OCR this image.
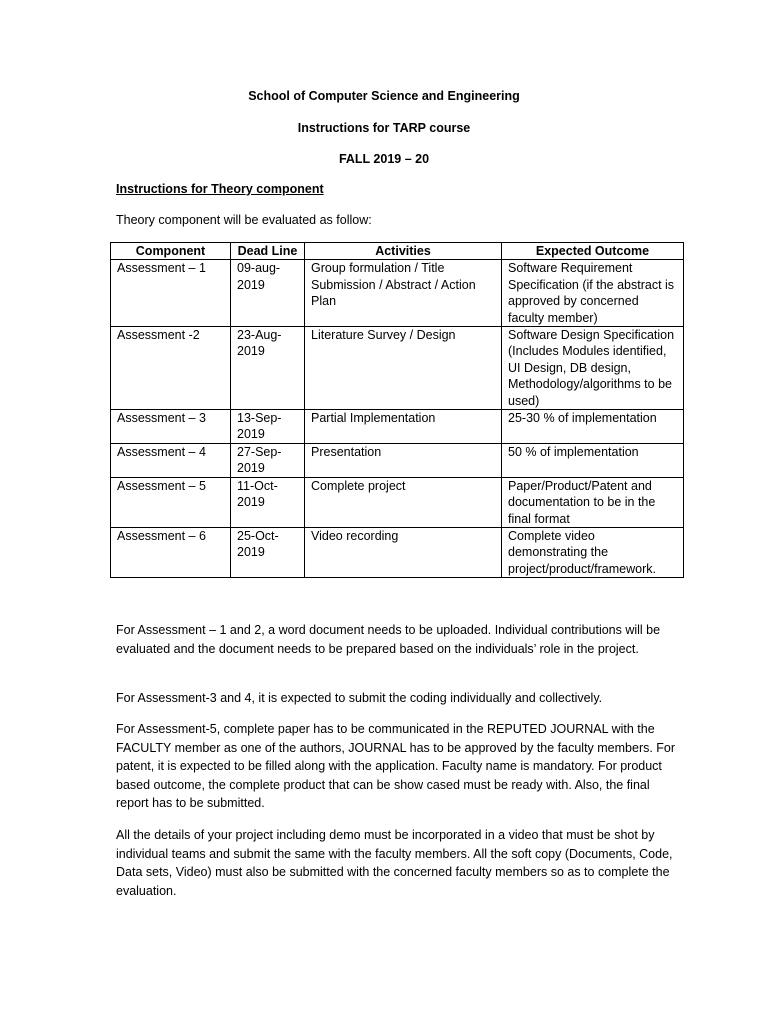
School of Computer Science and Engineering
Instructions for TARP course
FALL 2019 – 20
Instructions for Theory component
Theory component will be evaluated as follow:
Component	Dead Line	Activities	Expected Outcome
Assessment – 1	09-aug-2019	Group formulation / Title Submission / Abstract / Action Plan	Software Requirement Specification (if the abstract is approved by concerned faculty member)
Assessment -2	23-Aug-2019	Literature Survey / Design	Software Design Specification (Includes Modules identified, UI Design, DB design, Methodology/algorithms to be used)
Assessment – 3	13-Sep-2019	Partial Implementation	25-30 % of implementation
Assessment – 4	27-Sep-2019	Presentation	50 % of implementation
Assessment – 5	11-Oct-2019	Complete project	Paper/Product/Patent and documentation to be in the final format
Assessment – 6	25-Oct-2019	Video recording	Complete video demonstrating the project/product/framework.
For Assessment – 1 and 2, a word document needs to be uploaded. Individual contributions will be evaluated and the document needs to be prepared based on the individuals’ role in the project.
For Assessment-3 and 4, it is expected to submit the coding individually and collectively.
For Assessment-5, complete paper has to be communicated in the REPUTED JOURNAL with the FACULTY member as one of the authors, JOURNAL has to be approved by the faculty members. For patent, it is expected to be filled along with the application. Faculty name is mandatory. For product based outcome, the complete product that can be show cased must be ready with. Also, the final report has to be submitted.
All the details of your project including demo must be incorporated in a video that must be shot by individual teams and submit the same with the faculty members. All the soft copy (Documents, Code, Data sets, Video) must also be submitted with the concerned faculty members so as to complete the evaluation.
